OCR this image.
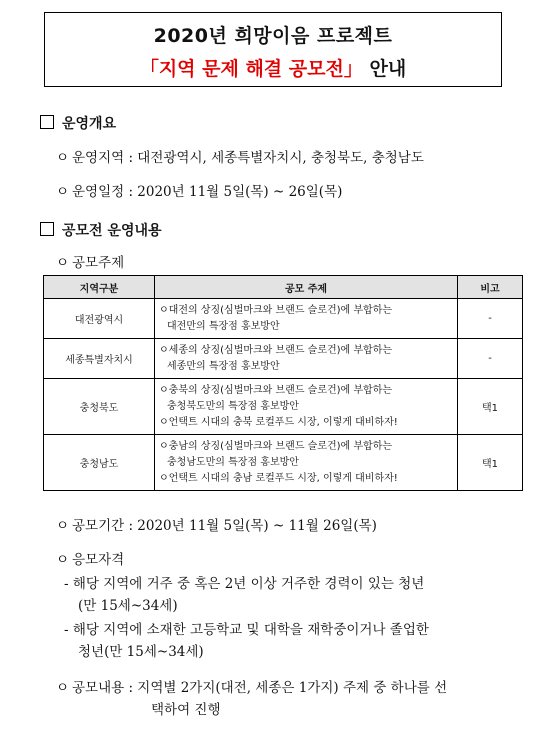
2020년 희망이음 프로젝트
「지역 문제 해결 공모전」 안내
운영개요
ㅇ 운영지역 : 대전광역시, 세종특별자치시, 충청북도, 충청남도
ㅇ 운영일정 : 2020년 11월 5일(목) ~ 26일(목)
공모전 운영내용
ㅇ 공모주제
지역구분	공모 주제	비고
대전광역시	ㅇ대전의 상징(심벌마크와 브랜드 슬로건)에 부합하는
대전만의 특장점 홍보방안	-
세종특별자치시	ㅇ세종의 상징(심벌마크와 브랜드 슬로건)에 부합하는
세종만의 특장점 홍보방안	-
충청북도	ㅇ충북의 상징(심벌마크와 브랜드 슬로건)에 부합하는
충청북도만의 특장점 홍보방안
ㅇ언택트 시대의 충북 로컬푸드 시장, 이렇게 대비하자!	택1
충청남도	ㅇ충남의 상징(심벌마크와 브랜드 슬로건)에 부합하는
충청남도만의 특장점 홍보방안
ㅇ언택트 시대의 충남 로컬푸드 시장, 이렇게 대비하자!	택1
ㅇ 공모기간 : 2020년 11월 5일(목) ~ 11월 26일(목)
ㅇ 응모자격
- 해당 지역에 거주 중 혹은 2년 이상 거주한 경력이 있는 청년
(만 15세~34세)
- 해당 지역에 소재한 고등학교 및 대학을 재학중이거나 졸업한
청년(만 15세~34세)
ㅇ 공모내용 : 지역별 2가지(대전, 세종은 1가지) 주제 중 하나를 선
택하여 진행
